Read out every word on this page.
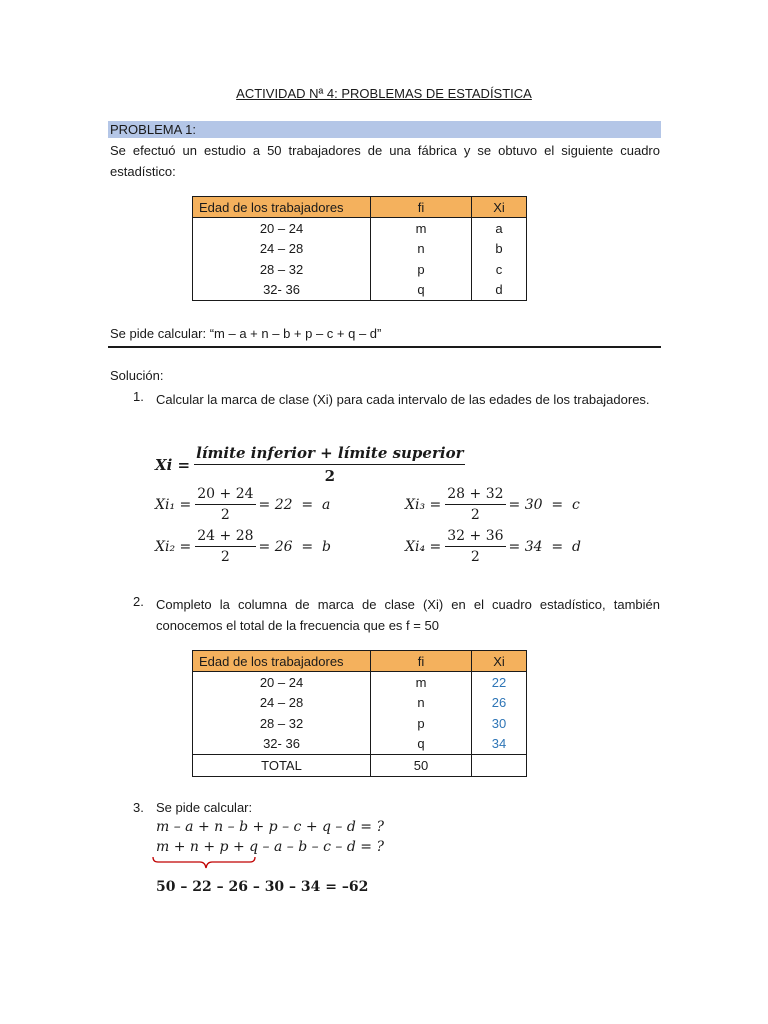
ACTIVIDAD Nª 4: PROBLEMAS DE ESTADÍSTICA
PROBLEMA 1:
Se efectuó un estudio a 50 trabajadores de una fábrica y se obtuvo el siguiente cuadro estadístico:
Edad de los trabajadores	fi	Xi
20 – 24	m	a
24 – 28	n	b
28 – 32	p	c
32- 36	q	d
Se pide calcular: “m – a + n – b + p – c + q – d”
Solución:
1. Calcular la marca de clase (Xi) para cada intervalo de las edades de los trabajadores.
$Xi = \frac{\text{límite inferior + límite superior}}{2}$
$Xi_1 = \frac{20 + 24}{2} = 22 = a$
$Xi_2 = \frac{24 + 28}{2} = 26 = b$
$Xi_3 = \frac{28 + 32}{2} = 30 = c$
$Xi_4 = \frac{32 + 36}{2} = 34 = d$
2. Completo la columna de marca de clase (Xi) en el cuadro estadístico, también conocemos el total de la frecuencia que es f = 50
Edad de los trabajadores	fi	Xi
20 – 24	m	22
24 – 28	n	26
28 – 32	p	30
32- 36	q	34
TOTAL	50	
3. Se pide calcular:
m – a + n – b + p – c + q – d = ?
m + n + p + q – a – b – c – d = ?
50 – 22 – 26 – 30 – 34 = –62
